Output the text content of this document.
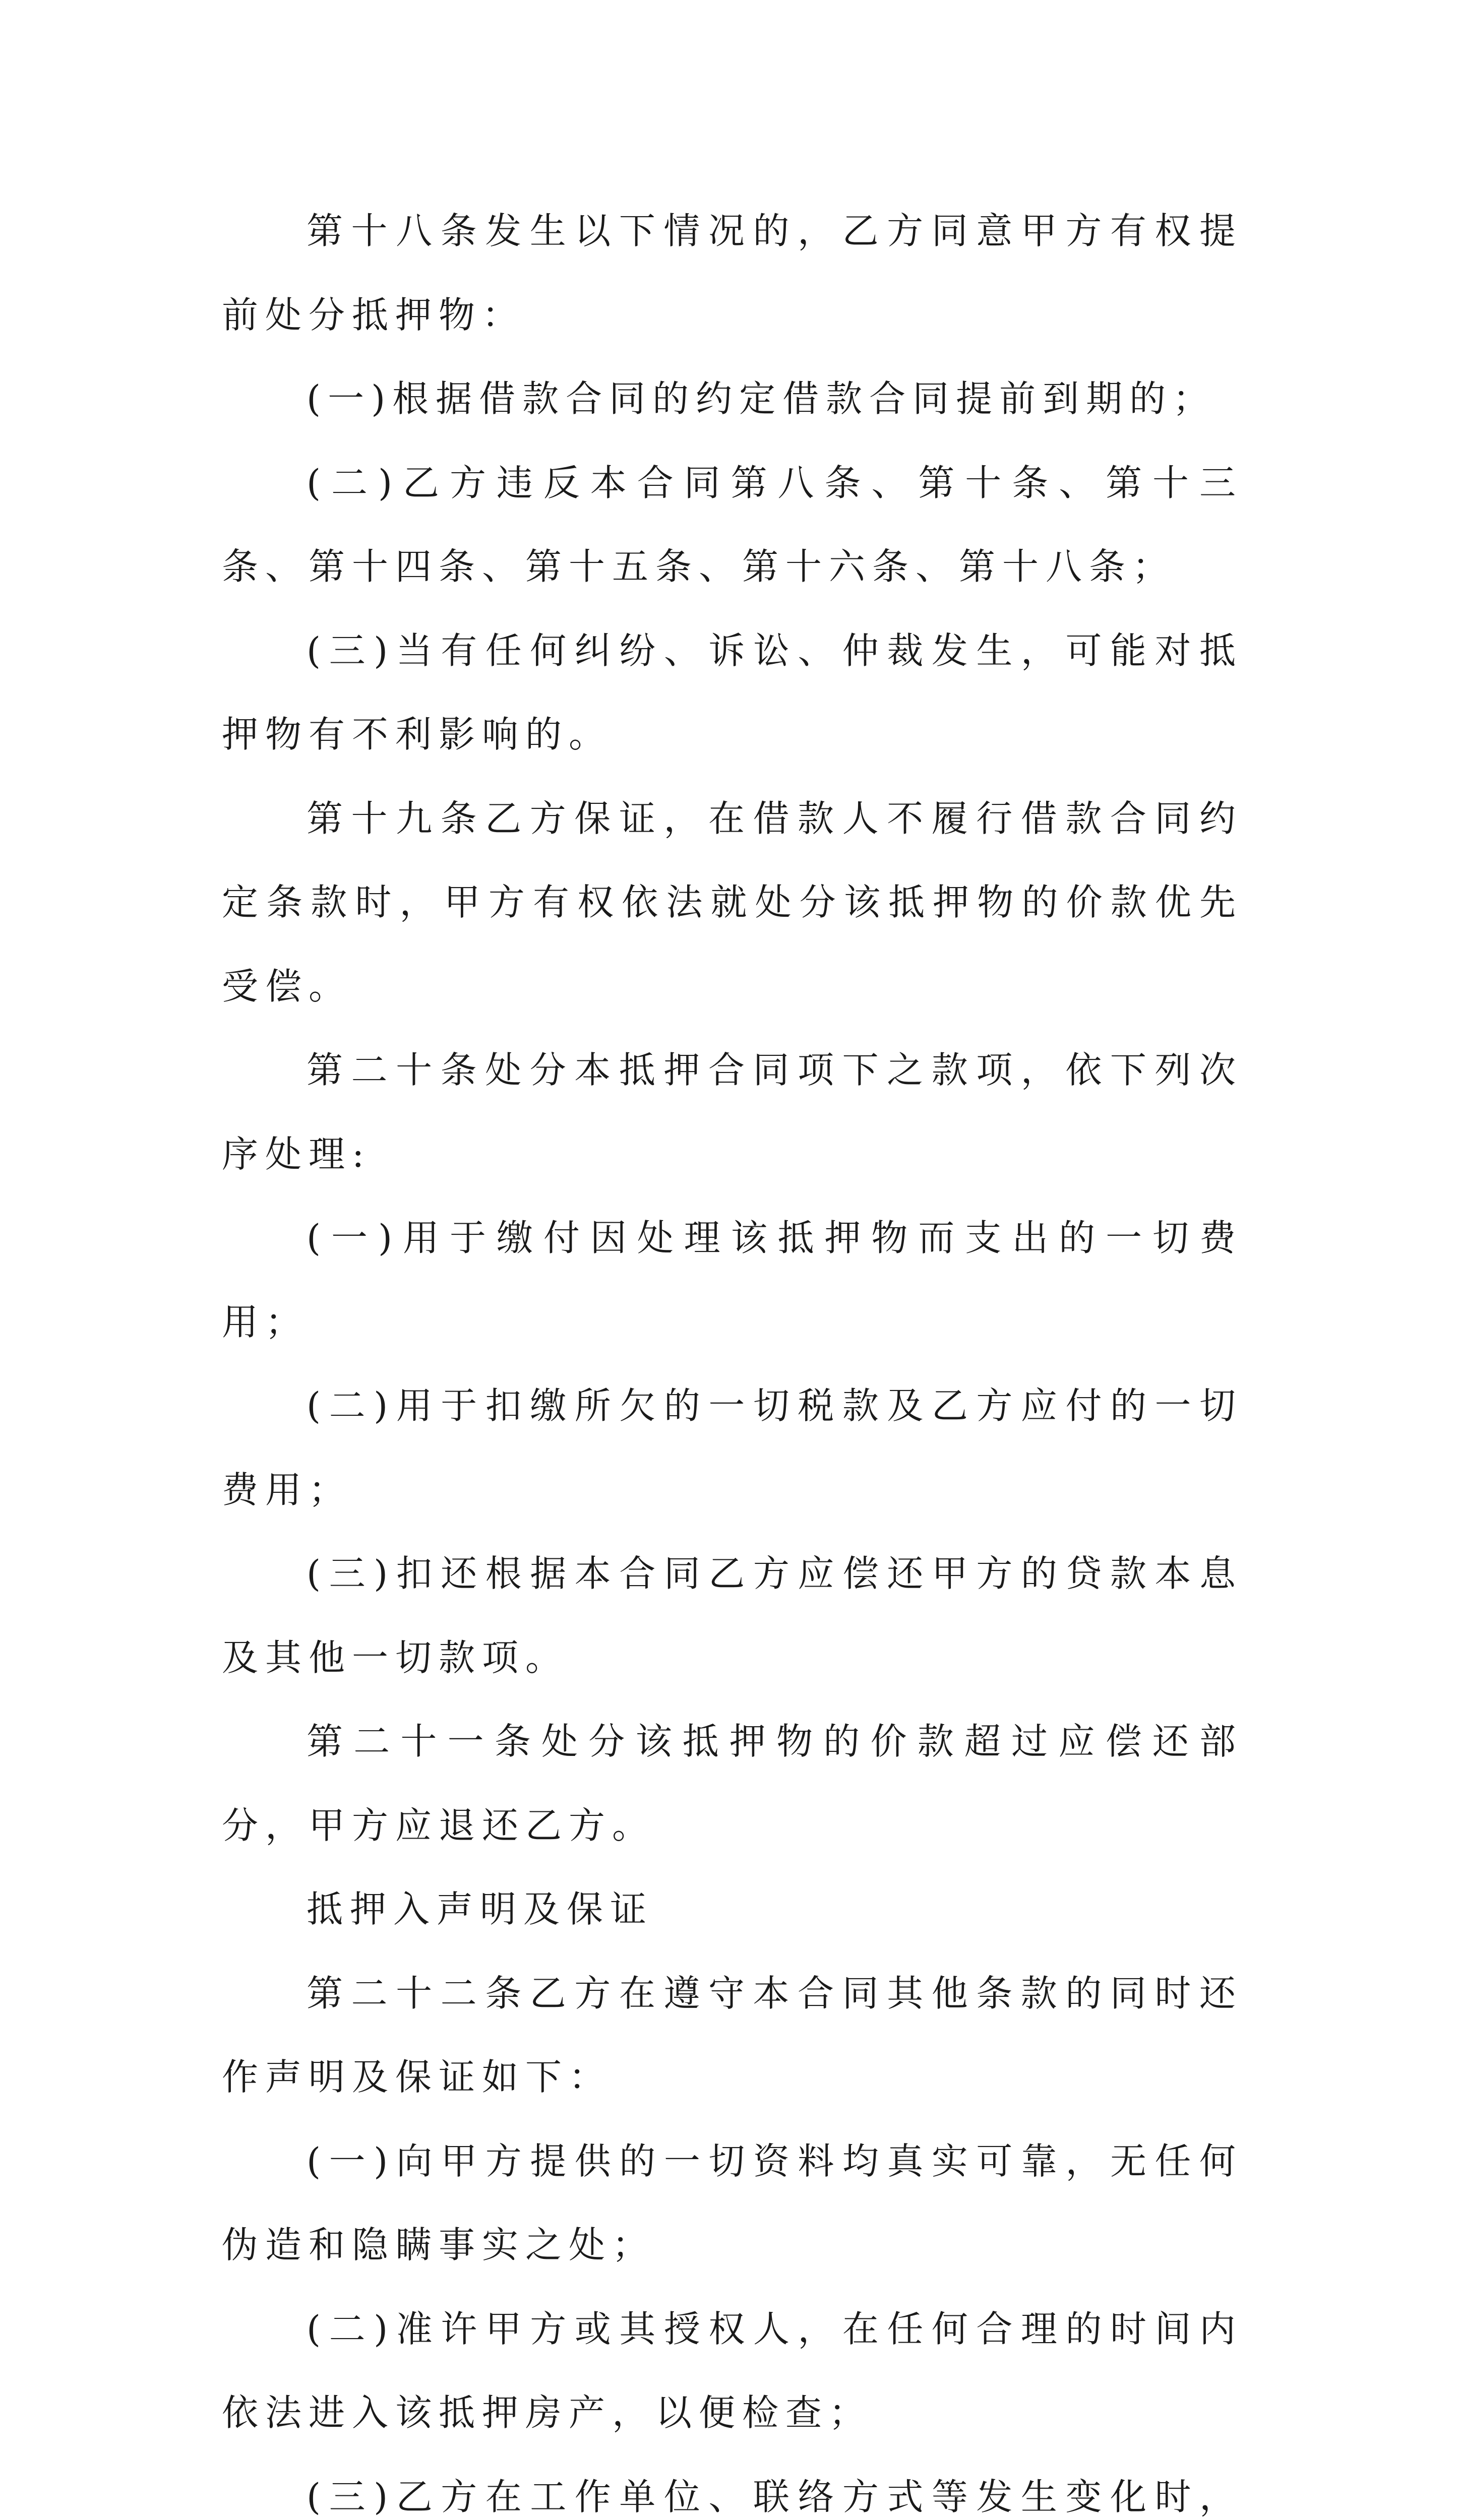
第十八条发生以下情况的，乙方同意甲方有权提前处分抵押物：

(一)根据借款合同的约定借款合同提前到期的；

(二)乙方违反本合同第八条、第十条、第十三条、第十四条、第十五条、第十六条、第十八条；

(三)当有任何纠纷、诉讼、仲裁发生，可能对抵押物有不利影响的。

第十九条乙方保证，在借款人不履行借款合同约定条款时，甲方有权依法就处分该抵押物的价款优先受偿。

第二十条处分本抵押合同项下之款项，依下列次序处理:

(一)用于缴付因处理该抵押物而支出的一切费用；

(二)用于扣缴所欠的一切税款及乙方应付的一切费用；

(三)扣还根据本合同乙方应偿还甲方的贷款本息及其他一切款项。

第二十一条处分该抵押物的价款超过应偿还部分，甲方应退还乙方。

抵押入声明及保证

第二十二条乙方在遵守本合同其他条款的同时还作声明及保证如下：

(一)向甲方提供的一切资料均真实可靠，无任何伪造和隐瞒事实之处；

(二)准许甲方或其授权人，在任何合理的时间内依法进入该抵押房产，以便检查；

(三)乙方在工作单位、联络方式等发生变化时，
